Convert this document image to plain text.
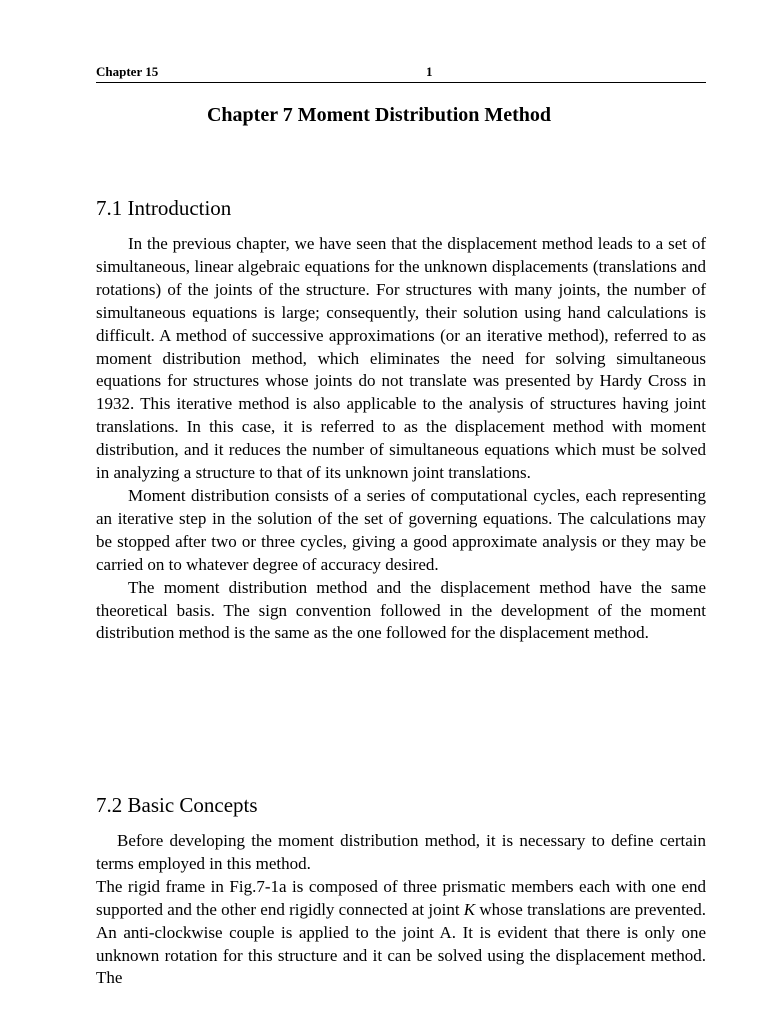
Chapter 15	1
Chapter 7 Moment Distribution Method
7.1 Introduction

In the previous chapter, we have seen that the displacement method leads to a set of simultaneous, linear algebraic equations for the unknown displacements (translations and rotations) of the joints of the structure. For structures with many joints, the number of simultaneous equations is large; consequently, their solution using hand calculations is difficult. A method of successive approximations (or an iterative method), referred to as moment distribution method, which eliminates the need for solving simultaneous equations for structures whose joints do not translate was presented by Hardy Cross in 1932. This iterative method is also applicable to the analysis of structures having joint translations. In this case, it is referred to as the displacement method with moment distribution, and it reduces the number of simultaneous equations which must be solved in analyzing a structure to that of its unknown joint translations.

Moment distribution consists of a series of computational cycles, each representing an iterative step in the solution of the set of governing equations. The calculations may be stopped after two or three cycles, giving a good approximate analysis or they may be carried on to whatever degree of accuracy desired.

The moment distribution method and the displacement method have the same theoretical basis. The sign convention followed in the development of the moment distribution method is the same as the one followed for the displacement method.

7.2 Basic Concepts

Before developing the moment distribution method, it is necessary to define certain terms employed in this method.

The rigid frame in Fig.7-1a is composed of three prismatic members each with one end supported and the other end rigidly connected at joint K whose translations are prevented. An anti-clockwise couple is applied to the joint A. It is evident that there is only one unknown rotation for this structure and it can be solved using the displacement method. The
